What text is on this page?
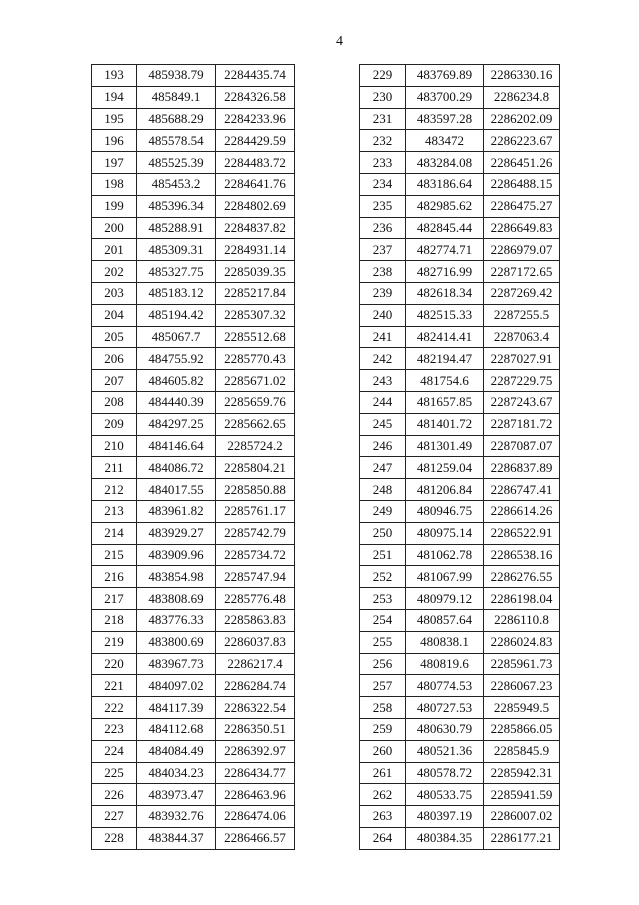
4
193	485938.79	2284435.74
194	485849.1	2284326.58
195	485688.29	2284233.96
196	485578.54	2284429.59
197	485525.39	2284483.72
198	485453.2	2284641.76
199	485396.34	2284802.69
200	485288.91	2284837.82
201	485309.31	2284931.14
202	485327.75	2285039.35
203	485183.12	2285217.84
204	485194.42	2285307.32
205	485067.7	2285512.68
206	484755.92	2285770.43
207	484605.82	2285671.02
208	484440.39	2285659.76
209	484297.25	2285662.65
210	484146.64	2285724.2
211	484086.72	2285804.21
212	484017.55	2285850.88
213	483961.82	2285761.17
214	483929.27	2285742.79
215	483909.96	2285734.72
216	483854.98	2285747.94
217	483808.69	2285776.48
218	483776.33	2285863.83
219	483800.69	2286037.83
220	483967.73	2286217.4
221	484097.02	2286284.74
222	484117.39	2286322.54
223	484112.68	2286350.51
224	484084.49	2286392.97
225	484034.23	2286434.77
226	483973.47	2286463.96
227	483932.76	2286474.06
228	483844.37	2286466.57
229	483769.89	2286330.16
230	483700.29	2286234.8
231	483597.28	2286202.09
232	483472	2286223.67
233	483284.08	2286451.26
234	483186.64	2286488.15
235	482985.62	2286475.27
236	482845.44	2286649.83
237	482774.71	2286979.07
238	482716.99	2287172.65
239	482618.34	2287269.42
240	482515.33	2287255.5
241	482414.41	2287063.4
242	482194.47	2287027.91
243	481754.6	2287229.75
244	481657.85	2287243.67
245	481401.72	2287181.72
246	481301.49	2287087.07
247	481259.04	2286837.89
248	481206.84	2286747.41
249	480946.75	2286614.26
250	480975.14	2286522.91
251	481062.78	2286538.16
252	481067.99	2286276.55
253	480979.12	2286198.04
254	480857.64	2286110.8
255	480838.1	2286024.83
256	480819.6	2285961.73
257	480774.53	2286067.23
258	480727.53	2285949.5
259	480630.79	2285866.05
260	480521.36	2285845.9
261	480578.72	2285942.31
262	480533.75	2285941.59
263	480397.19	2286007.02
264	480384.35	2286177.21
